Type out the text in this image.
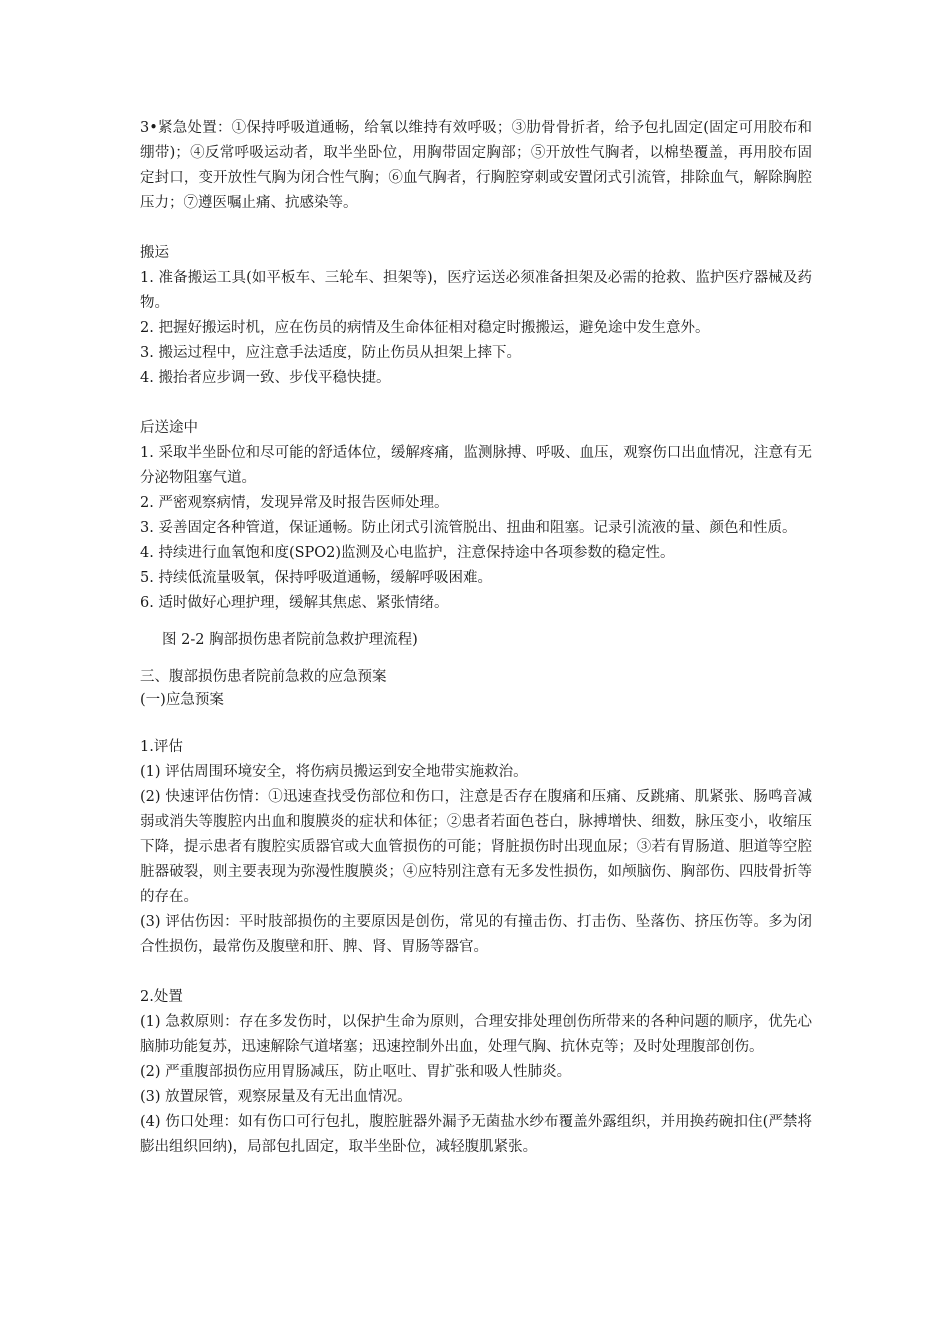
3•紧急处置：①保持呼吸道通畅，给氧以维持有效呼吸；③肋骨骨折者，给予包扎固定(固定可用胶布和绷带)；④反常呼吸运动者，取半坐卧位，用胸带固定胸部；⑤开放性气胸者，以棉垫覆盖，再用胶布固定封口，变开放性气胸为闭合性气胸；⑥血气胸者，行胸腔穿刺或安置闭式引流管，排除血气，解除胸腔压力；⑦遵医嘱止痛、抗感染等。
搬运
1. 准备搬运工具(如平板车、三轮车、担架等)，医疗运送必须准备担架及必需的抢救、监护医疗器械及药物。
2. 把握好搬运时机，应在伤员的病情及生命体征相对稳定时搬搬运，避免途中发生意外。
3. 搬运过程中，应注意手法适度，防止伤员从担架上摔下。
4. 搬抬者应步调一致、步伐平稳快捷。
后送途中
1. 采取半坐卧位和尽可能的舒适体位，缓解疼痛，监测脉搏、呼吸、血压，观察伤口出血情况，注意有无分泌物阻塞气道。
2. 严密观察病情，发现异常及时报告医师处理。
3. 妥善固定各种管道，保证通畅。防止闭式引流管脱出、扭曲和阻塞。记录引流液的量、颜色和性质。
4. 持续进行血氧饱和度(SPO2)监测及心电监护，注意保持途中各项参数的稳定性。
5. 持续低流量吸氧，保持呼吸道通畅，缓解呼吸困难。
6. 适时做好心理护理，缓解其焦虑、紧张情绪。
图 2-2 胸部损伤患者院前急救护理流程)
三、腹部损伤患者院前急救的应急预案
(一)应急预案
1.评估
(1) 评估周围环境安全，将伤病员搬运到安全地带实施救治。
(2) 快速评估伤情：①迅速查找受伤部位和伤口，注意是否存在腹痛和压痛、反跳痛、肌紧张、肠鸣音减弱或消失等腹腔内出血和腹膜炎的症状和体征；②患者若面色苍白，脉搏增快、细数，脉压变小，收缩压下降，提示患者有腹腔实质器官或大血管损伤的可能；肾脏损伤时出现血尿；③若有胃肠道、胆道等空腔脏器破裂，则主要表现为弥漫性腹膜炎；④应特别注意有无多发性损伤，如颅脑伤、胸部伤、四肢骨折等的存在。
(3) 评估伤因：平时肢部损伤的主要原因是创伤，常见的有撞击伤、打击伤、坠落伤、挤压伤等。多为闭合性损伤，最常伤及腹壁和肝、脾、肾、胃肠等器官。
2.处置
(1) 急救原则：存在多发伤时，以保护生命为原则，合理安排处理创伤所带来的各种问题的顺序，优先心脑肺功能复苏，迅速解除气道堵塞；迅速控制外出血，处理气胸、抗休克等；及时处理腹部创伤。
(2) 严重腹部损伤应用胃肠减压，防止呕吐、胃扩张和吸人性肺炎。
(3) 放置尿管，观察尿量及有无出血情况。
(4) 伤口处理：如有伤口可行包扎，腹腔脏器外漏予无菌盐水纱布覆盖外露组织，并用换药碗扣住(严禁将膨出组织回纳)，局部包扎固定，取半坐卧位，减轻腹肌紧张。
